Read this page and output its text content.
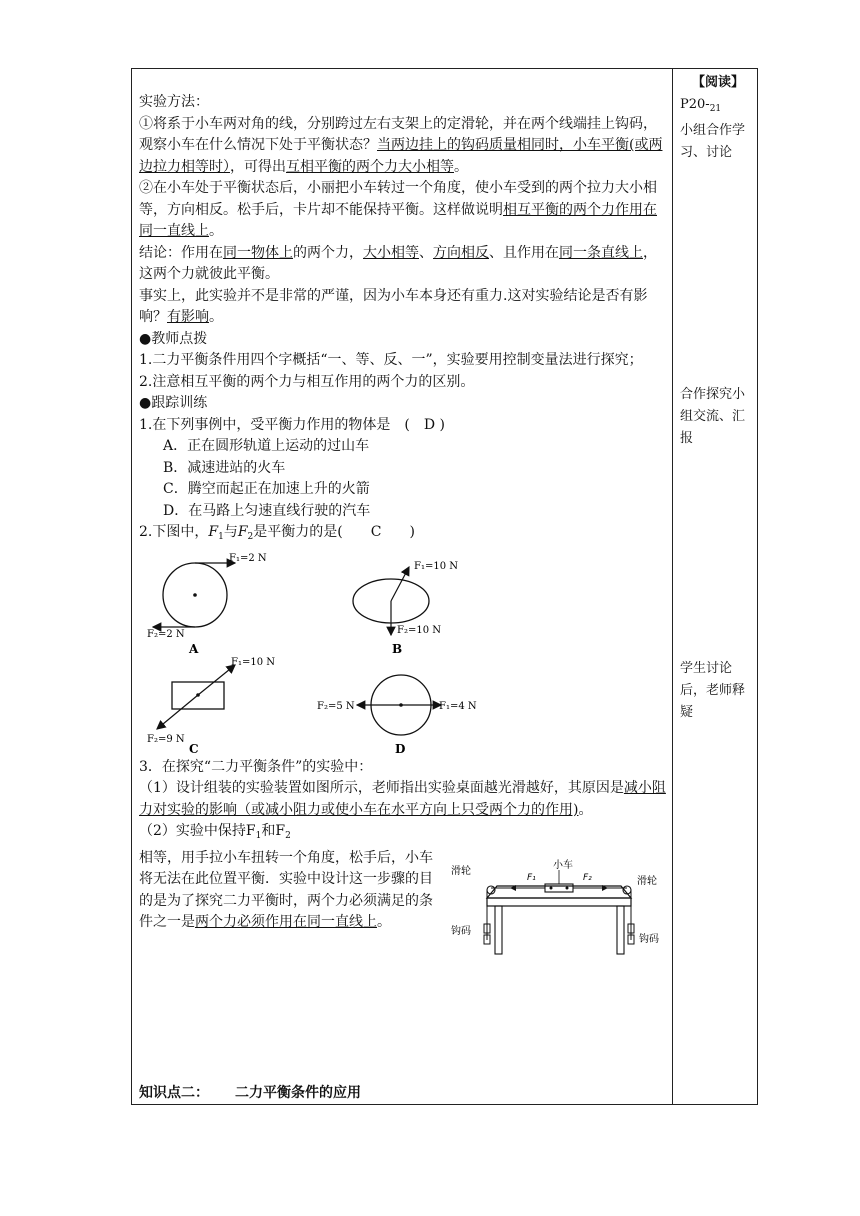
【阅读】
$P20-_{21}$
小组合作学习、讨论
合作探究小组交流、汇报
学生讨论后，老师释疑

实验方法：

①将系于小车两对角的线，分别跨过左右支架上的定滑轮，并在两个线端挂上钩码，观察小车在什么情况下处于平衡状态？当两边挂上的钩码质量相同时，小车平衡(或两边拉力相等时），可得出互相平衡的两个力大小相等。

②在小车处于平衡状态后，小丽把小车转过一个角度，使小车受到的两个拉力大小相等，方向相反。松手后，卡片却不能保持平衡。这样做说明相互平衡的两个力作用在同一直线上。

结论：作用在同一物体上的两个力，大小相等、方向相反、且作用在同一条直线上，这两个力就彼此平衡。

事实上，此实验并不是非常的严谨，因为小车本身还有重力.这对实验结论是否有影响？有影响。

●教师点拨

1.二力平衡条件用四个字概括“一、等、反、一”，实验要用控制变量法进行探究；

2.注意相互平衡的两个力与相互作用的两个力的区别。

●跟踪训练

1.在下列事例中，受平衡力作用的物体是　(　D )

A．正在圆形轨道上运动的过山车

B．减速进站的火车

C．腾空而起正在加速上升的火箭

D．在马路上匀速直线行驶的汽车

2.下图中，$F_1$与$F_2$是平衡力的是(　　C　　)

F₁=2 N
F₂=2 N
A
F₁=10 N
F₂=10 N
B
F₁=10 N
F₂=9 N
C
F₁=4 N
F₂=5 N
D

3．在探究“二力平衡条件”的实验中：

（1）设计组装的实验装置如图所示，老师指出实验桌面越光滑越好，其原因是减小阻力对实验的影响（或减小阻力或使小车在水平方向上只受两个力的作用)。

（2）实验中保持$F_1$和$F_2$

相等，用手拉小车扭转一个角度，松手后，小车将无法在此位置平衡．实验中设计这一步骤的目的是为了探究二力平衡时，两个力必须满足的条件之一是两个力必须作用在同一直线上。

小车
F₁	F₂
滑轮
滑轮
钩码
钩码
知识点二： 二力平衡条件的应用
